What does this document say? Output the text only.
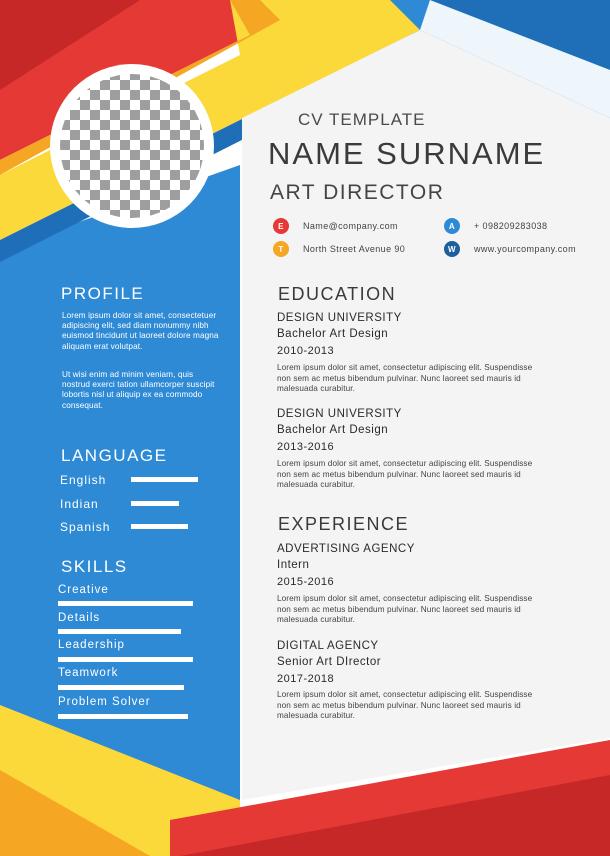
CV TEMPLATE
NAME SURNAME
ART DIRECTOR
E	Name@company.com	A	+ 098209283038
T	North Street Avenue 90	W	www.yourcompany.com
PROFILE
Lorem ipsum dolor sit amet, consectetuer adipiscing elit, sed diam nonummy nibh euismod tincidunt ut laoreet dolore magna aliquam erat volutpat.
Ut wisi enim ad minim veniam, quis nostrud exerci tation ullamcorper suscipit lobortis nisl ut aliquip ex ea commodo consequat.
LANGUAGE
English
Indian
Spanish
SKILLS
Creative
Details
Leadership
Teamwork
Problem Solver
EDUCATION
DESIGN UNIVERSITY
Bachelor Art Design
2010-2013
Lorem ipsum dolor sit amet, consectetur adipiscing elit. Suspendisse non sem ac metus bibendum pulvinar. Nunc laoreet sed mauris id malesuada curabitur.
DESIGN UNIVERSITY
Bachelor Art Design
2013-2016
Lorem ipsum dolor sit amet, consectetur adipiscing elit. Suspendisse non sem ac metus bibendum pulvinar. Nunc laoreet sed mauris id malesuada curabitur.
EXPERIENCE
ADVERTISING AGENCY
Intern
2015-2016
Lorem ipsum dolor sit amet, consectetur adipiscing elit. Suspendisse non sem ac metus bibendum pulvinar. Nunc laoreet sed mauris id malesuada curabitur.
DIGITAL AGENCY
Senior Art DIrector
2017-2018
Lorem ipsum dolor sit amet, consectetur adipiscing elit. Suspendisse non sem ac metus bibendum pulvinar. Nunc laoreet sed mauris id malesuada curabitur.
